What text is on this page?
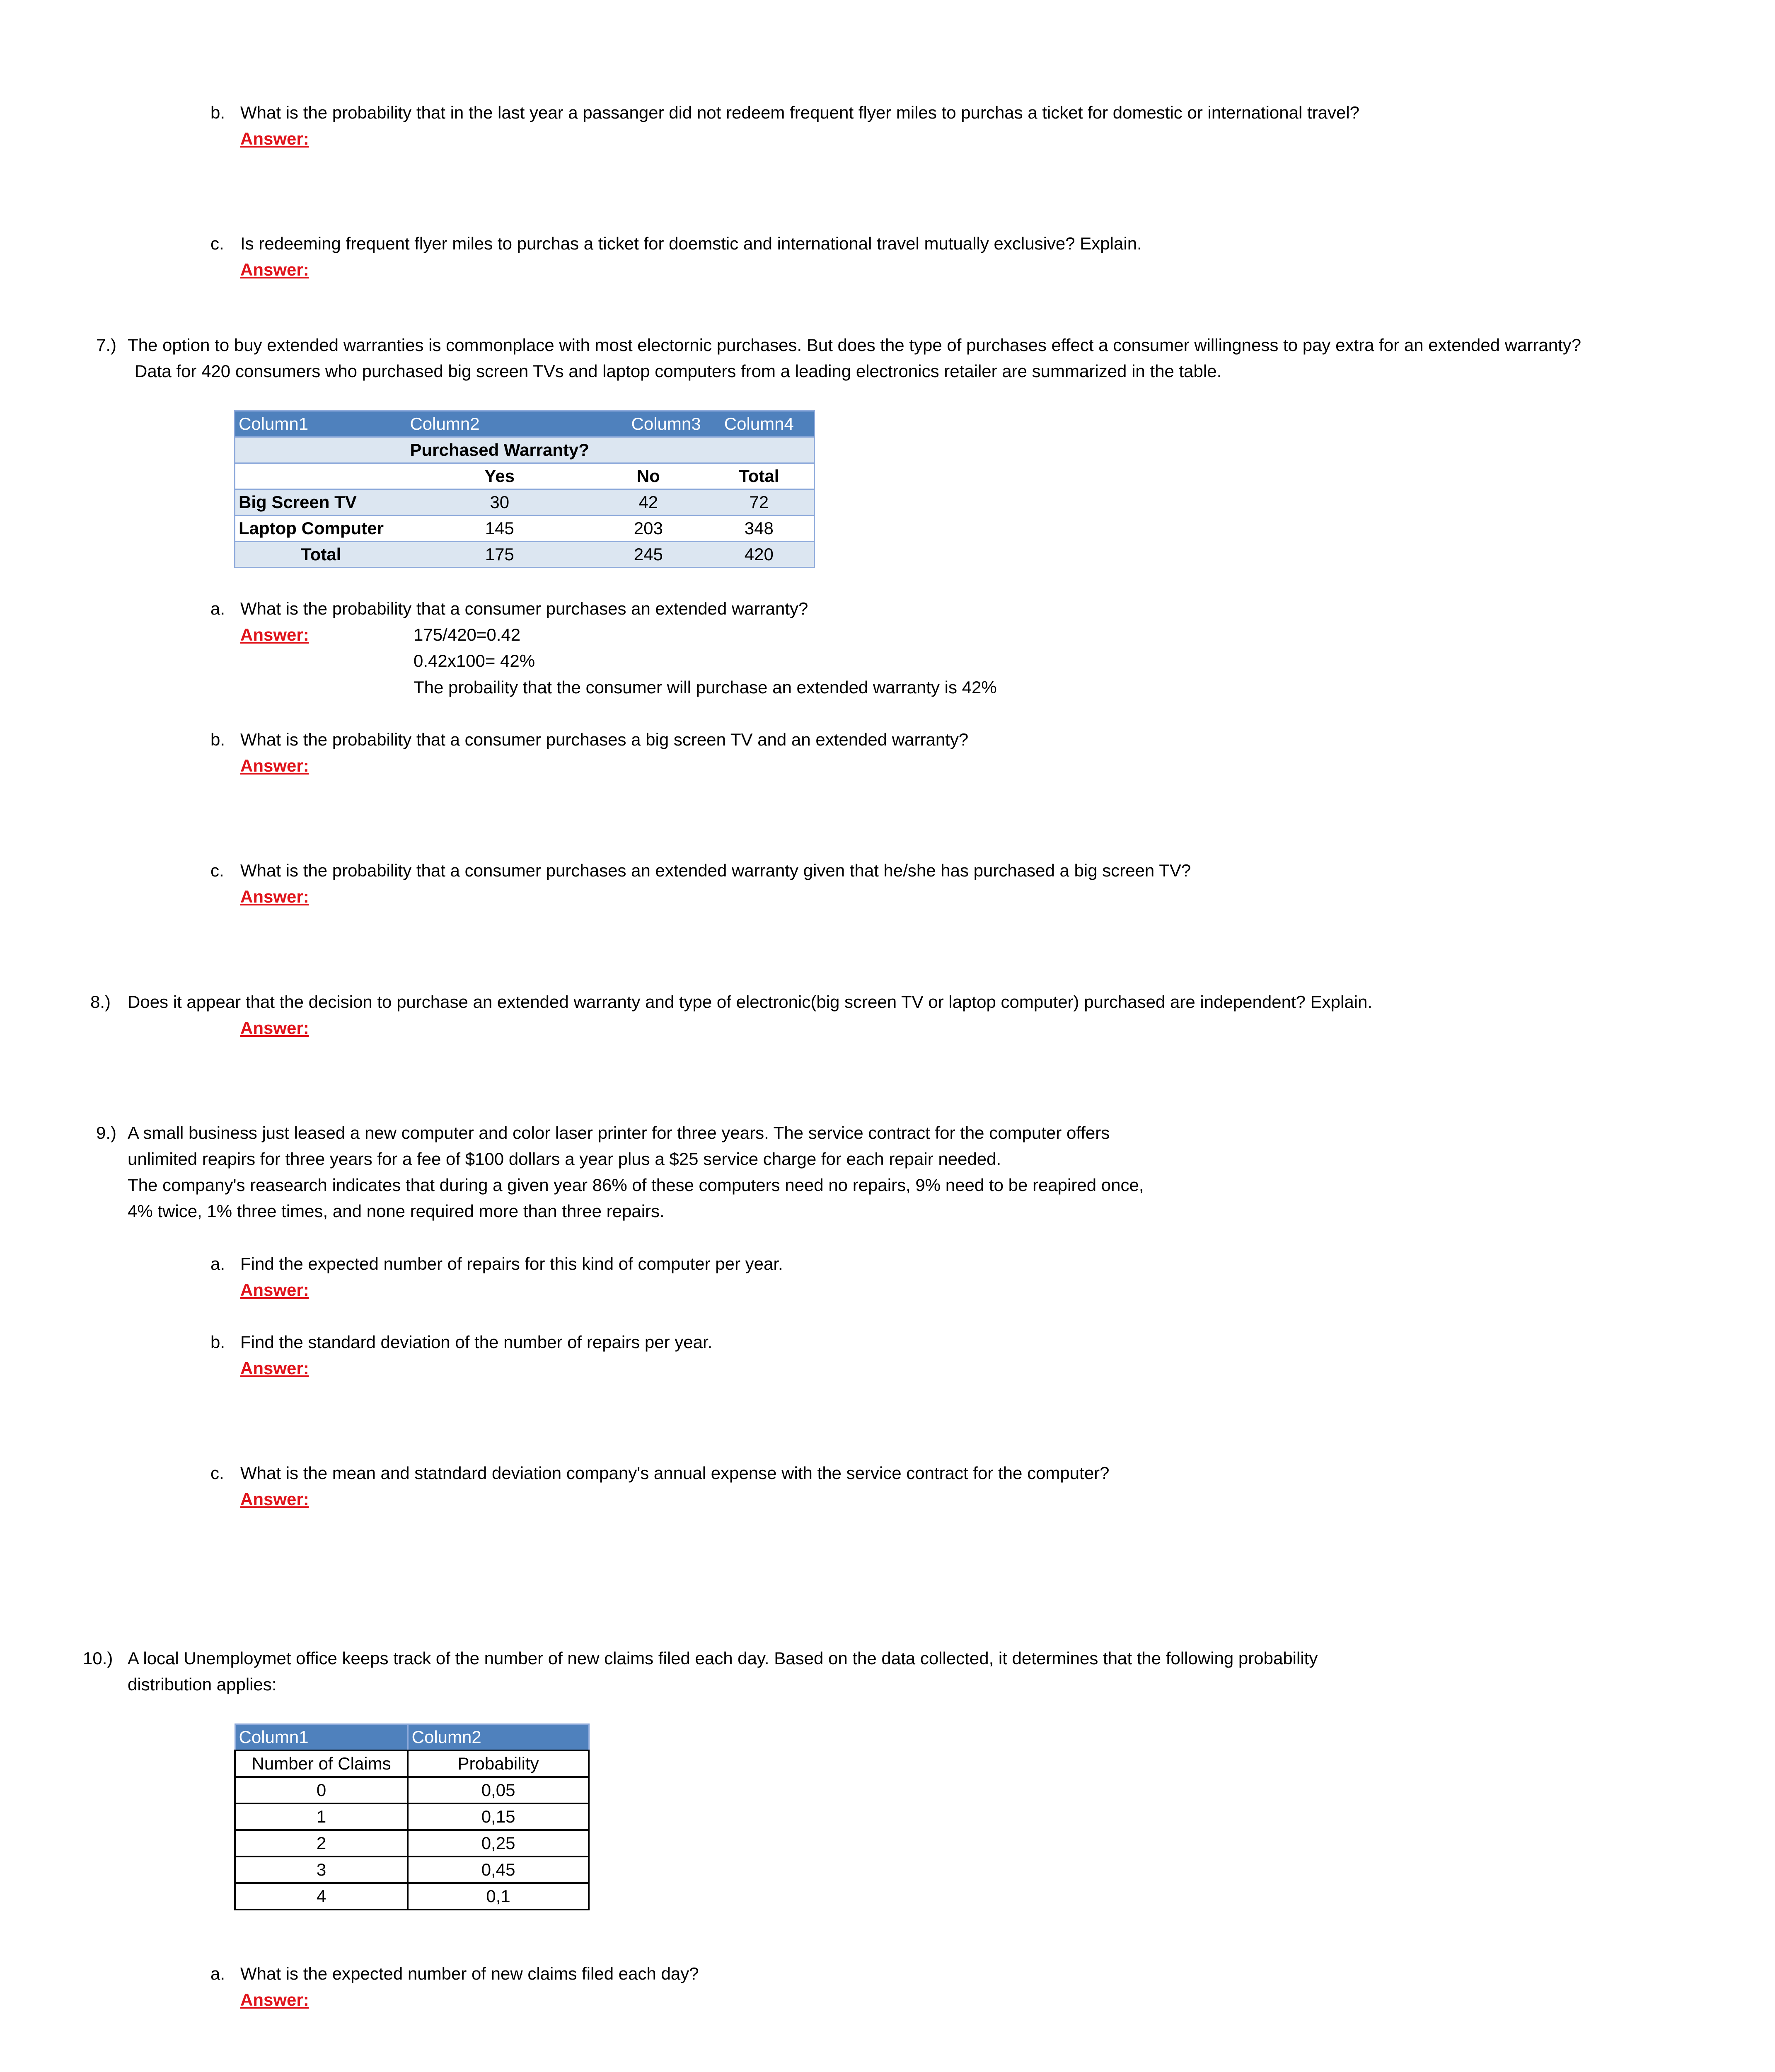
b. What is the probability that in the last year a passanger did not redeem frequent flyer miles to purchas a ticket for domestic or international travel?
Answer:
c. Is redeeming frequent flyer miles to purchas a ticket for doemstic and international travel mutually exclusive? Explain.
Answer:
7.) The option to buy extended warranties is commonplace with most electornic purchases. But does the type of purchases effect a consumer willingness to pay extra for an extended warranty?
Data for 420 consumers who purchased big screen TVs and laptop computers from a leading electronics retailer are summarized in the table.
Column1	Column2	Column3	Column4
	Purchased Warranty?		
	Yes	No	Total
Big Screen TV	30	42	72
Laptop Computer	145	203	348
Total	175	245	420
a. What is the probability that a consumer purchases an extended warranty?
Answer:	175/420=0.42
0.42x100= 42%
The probaility that the consumer will purchase an extended warranty is 42%
b. What is the probability that a consumer purchases a big screen TV and an extended warranty?
Answer:
c. What is the probability that a consumer purchases an extended warranty given that he/she has purchased a big screen TV?
Answer:
8.) Does it appear that the decision to purchase an extended warranty and type of electronic(big screen TV or laptop computer) purchased are independent? Explain.
Answer:
9.) A small business just leased a new computer and color laser printer for three years. The service contract for the computer offers
unlimited reapirs for three years for a fee of $100 dollars a year plus a $25 service charge for each repair needed.
The company's reasearch indicates that during a given year 86% of these computers need no repairs, 9% need to be reapired once,
4% twice, 1% three times, and none required more than three repairs.
a. Find the expected number of repairs for this kind of computer per year.
Answer:
b. Find the standard deviation of the number of repairs per year.
Answer:
c. What is the mean and statndard deviation company's annual expense with the service contract for the computer?
Answer:
10.) A local Unemploymet office keeps track of the number of new claims filed each day. Based on the data collected, it determines that the following probability
distribution applies:
Column1	Column2
Number of Claims	Probability
0	0,05
1	0,15
2	0,25
3	0,45
4	0,1
a. What is the expected number of new claims filed each day?
Answer:
